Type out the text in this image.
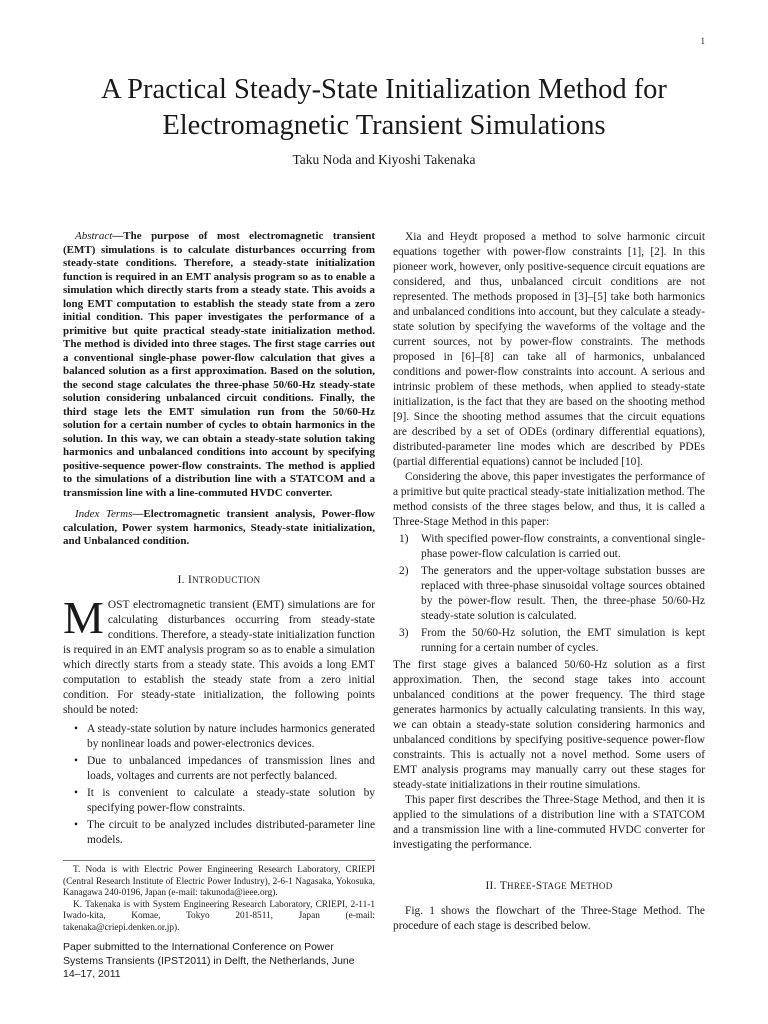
1
A Practical Steady-State Initialization Method for
Electromagnetic Transient Simulations
Taku Noda and Kiyoshi Takenaka

Abstract—The purpose of most electromagnetic transient (EMT) simulations is to calculate disturbances occurring from steady-state conditions. Therefore, a steady-state initialization function is required in an EMT analysis program so as to enable a simulation which directly starts from a steady state. This avoids a long EMT computation to establish the steady state from a zero initial condition. This paper investigates the performance of a primitive but quite practical steady-state initialization method. The method is divided into three stages. The first stage carries out a conventional single-phase power-flow calculation that gives a balanced solution as a first approximation. Based on the solution, the second stage calculates the three-phase 50/60-Hz steady-state solution considering unbalanced circuit conditions. Finally, the third stage lets the EMT simulation run from the 50/60-Hz solution for a certain number of cycles to obtain harmonics in the solution. In this way, we can obtain a steady-state solution taking harmonics and unbalanced conditions into account by specifying positive-sequence power-flow constraints. The method is applied to the simulations of a distribution line with a STATCOM and a transmission line with a line-commuted HVDC converter.

Index Terms—Electromagnetic transient analysis, Power-flow calculation, Power system harmonics, Steady-state initialization, and Unbalanced condition.

I. INTRODUCTION

MOST electromagnetic transient (EMT) simulations are for calculating disturbances occurring from steady-state conditions. Therefore, a steady-state initialization function is required in an EMT analysis program so as to enable a simulation which directly starts from a steady state. This avoids a long EMT computation to establish the steady state from a zero initial condition. For steady-state initialization, the following points should be noted:

• A steady-state solution by nature includes harmonics generated by nonlinear loads and power-electronics devices.
• Due to unbalanced impedances of transmission lines and loads, voltages and currents are not perfectly balanced.
• It is convenient to calculate a steady-state solution by specifying power-flow constraints.
• The circuit to be analyzed includes distributed-parameter line models.

T. Noda is with Electric Power Engineering Research Laboratory, CRIEPI (Central Research Institute of Electric Power Industry), 2-6-1 Nagasaka, Yokosuka, Kanagawa 240-0196, Japan (e-mail: takunoda@ieee.org).

K. Takenaka is with System Engineering Research Laboratory, CRIEPI, 2-11-1 Iwado-kita, Komae, Tokyo 201-8511, Japan (e-mail: takenaka@criepi.denken.or.jp).

Paper submitted to the International Conference on Power Systems Transients (IPST2011) in Delft, the Netherlands, June 14–17, 2011

Xia and Heydt proposed a method to solve harmonic circuit equations together with power-flow constraints [1], [2]. In this pioneer work, however, only positive-sequence circuit equations are considered, and thus, unbalanced circuit conditions are not represented. The methods proposed in [3]–[5] take both harmonics and unbalanced conditions into account, but they calculate a steady-state solution by specifying the waveforms of the voltage and the current sources, not by power-flow constraints. The methods proposed in [6]–[8] can take all of harmonics, unbalanced conditions and power-flow constraints into account. A serious and intrinsic problem of these methods, when applied to steady-state initialization, is the fact that they are based on the shooting method [9]. Since the shooting method assumes that the circuit equations are described by a set of ODEs (ordinary differential equations), distributed-parameter line modes which are described by PDEs (partial differential equations) cannot be included [10].

Considering the above, this paper investigates the performance of a primitive but quite practical steady-state initialization method. The method consists of the three stages below, and thus, it is called a Three-Stage Method in this paper:

1) With specified power-flow constraints, a conventional single-phase power-flow calculation is carried out.
2) The generators and the upper-voltage substation busses are replaced with three-phase sinusoidal voltage sources obtained by the power-flow result. Then, the three-phase 50/60-Hz steady-state solution is calculated.
3) From the 50/60-Hz solution, the EMT simulation is kept running for a certain number of cycles.

The first stage gives a balanced 50/60-Hz solution as a first approximation. Then, the second stage takes into account unbalanced conditions at the power frequency. The third stage generates harmonics by actually calculating transients. In this way, we can obtain a steady-state solution considering harmonics and unbalanced conditions by specifying positive-sequence power-flow constraints. This is actually not a novel method. Some users of EMT analysis programs may manually carry out these stages for steady-state initializations in their routine simulations.

This paper first describes the Three-Stage Method, and then it is applied to the simulations of a distribution line with a STATCOM and a transmission line with a line-commuted HVDC converter for investigating the performance.

II. THREE-STAGE METHOD

Fig. 1 shows the flowchart of the Three-Stage Method. The procedure of each stage is described below.
